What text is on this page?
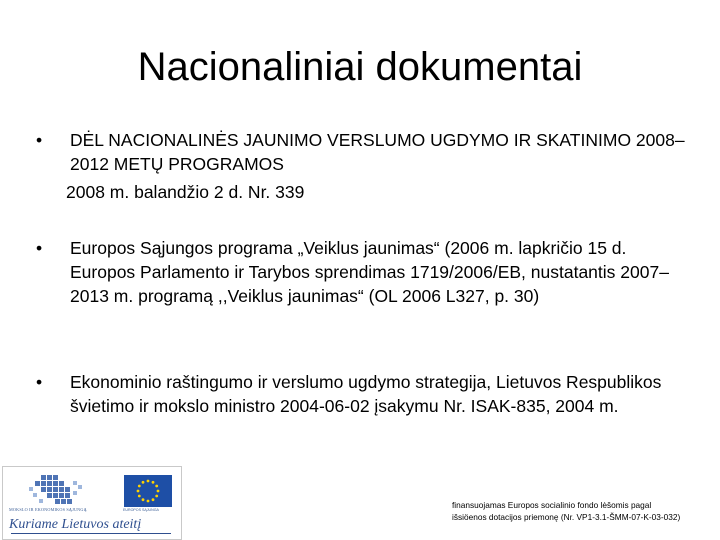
Nacionaliniai dokumentai
•	DĖL NACIONALINĖS JAUNIMO VERSLUMO UGDYMO IR SKATINIMO 2008–2012 METŲ PROGRAMOS
2008 m. balandžio 2 d. Nr. 339
•	Europos Sąjungos programa „Veiklus jaunimas“ (2006 m. lapkričio 15 d. Europos Parlamento ir Tarybos sprendimas 1719/2006/EB, nustatantis 2007–2013 m. programą ,,Veiklus jaunimas“ (OL 2006 L327, p. 30)
•	Ekonominio raštingumo ir verslumo ugdymo strategija, Lietuvos Respublikos švietimo ir mokslo ministro 2004-06-02 įsakymu Nr. ISAK-835, 2004 m.
MOKSLO IR EKONOMIKOS SĄJUNGĄ	EUROPOS SĄJUNGA
Kuriame Lietuvos ateitį
finansuojamas Europos socialinio fondo lėšomis pagal
išsiöenos dotacijos priemonę (Nr. VP1-3.1-ŠMM-07-K-03-032)
